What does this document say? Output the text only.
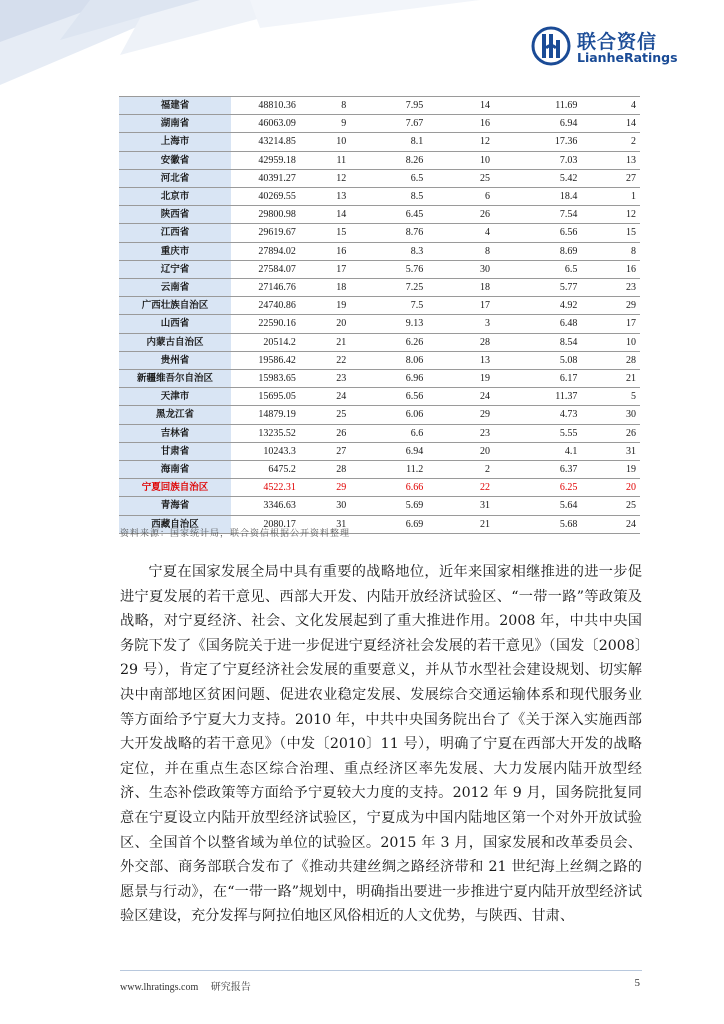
联合资信
LianheRatings
福建省	48810.36	8	7.95	14	11.69	4
湖南省	46063.09	9	7.67	16	6.94	14
上海市	43214.85	10	8.1	12	17.36	2
安徽省	42959.18	11	8.26	10	7.03	13
河北省	40391.27	12	6.5	25	5.42	27
北京市	40269.55	13	8.5	6	18.4	1
陕西省	29800.98	14	6.45	26	7.54	12
江西省	29619.67	15	8.76	4	6.56	15
重庆市	27894.02	16	8.3	8	8.69	8
辽宁省	27584.07	17	5.76	30	6.5	16
云南省	27146.76	18	7.25	18	5.77	23
广西壮族自治区	24740.86	19	7.5	17	4.92	29
山西省	22590.16	20	9.13	3	6.48	17
内蒙古自治区	20514.2	21	6.26	28	8.54	10
贵州省	19586.42	22	8.06	13	5.08	28
新疆维吾尔自治区	15983.65	23	6.96	19	6.17	21
天津市	15695.05	24	6.56	24	11.37	5
黑龙江省	14879.19	25	6.06	29	4.73	30
吉林省	13235.52	26	6.6	23	5.55	26
甘肃省	10243.3	27	6.94	20	4.1	31
海南省	6475.2	28	11.2	2	6.37	19
宁夏回族自治区	4522.31	29	6.66	22	6.25	20
青海省	3346.63	30	5.69	31	5.64	25
西藏自治区	2080.17	31	6.69	21	5.68	24
资料来源：国家统计局，联合资信根据公开资料整理

宁夏在国家发展全局中具有重要的战略地位，近年来国家相继推进的进一步促进宁夏发展的若干意见、西部大开发、内陆开放经济试验区、“一带一路”等政策及战略，对宁夏经济、社会、文化发展起到了重大推进作用。2008 年，中共中央国务院下发了《国务院关于进一步促进宁夏经济社会发展的若干意见》（国发〔2008〕29 号），肯定了宁夏经济社会发展的重要意义，并从节水型社会建设规划、切实解决中南部地区贫困问题、促进农业稳定发展、发展综合交通运输体系和现代服务业等方面给予宁夏大力支持。2010 年，中共中央国务院出台了《关于深入实施西部大开发战略的若干意见》（中发〔2010〕11 号），明确了宁夏在西部大开发的战略定位，并在重点生态区综合治理、重点经济区率先发展、大力发展内陆开放型经济、生态补偿政策等方面给予宁夏较大力度的支持。2012 年 9 月，国务院批复同意在宁夏设立内陆开放型经济试验区，宁夏成为中国内陆地区第一个对外开放试验区、全国首个以整省域为单位的试验区。2015 年 3 月，国家发展和改革委员会、外交部、商务部联合发布了《推动共建丝绸之路经济带和 21 世纪海上丝绸之路的愿景与行动》，在“一带一路”规划中，明确指出要进一步推进宁夏内陆开放型经济试验区建设，充分发挥与阿拉伯地区风俗相近的人文优势，与陕西、甘肃、

www.lhratings.com 研究报告	5
